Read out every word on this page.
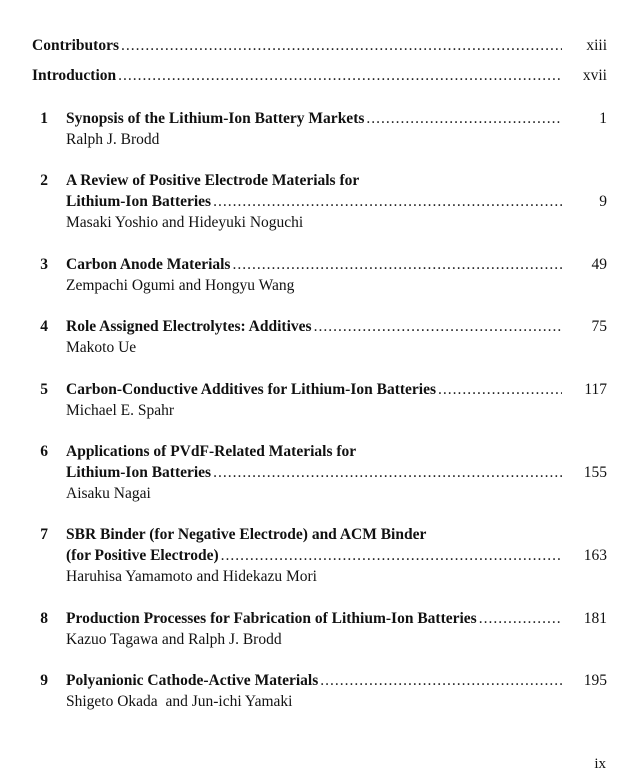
Contributors .....	xiii
Introduction .....	xvii
1 Synopsis of the Lithium-Ion Battery Markets .....	1
Ralph J. Brodd
2 A Review of Positive Electrode Materials for
Lithium-Ion Batteries .....	9
Masaki Yoshio and Hideyuki Noguchi
3 Carbon Anode Materials .....	49
Zempachi Ogumi and Hongyu Wang
4 Role Assigned Electrolytes: Additives .....	75
Makoto Ue
5 Carbon-Conductive Additives for Lithium-Ion Batteries .....	117
Michael E. Spahr
6 Applications of PVdF-Related Materials for
Lithium-Ion Batteries .....	155
Aisaku Nagai
7 SBR Binder (for Negative Electrode) and ACM Binder
(for Positive Electrode) .....	163
Haruhisa Yamamoto and Hidekazu Mori
8 Production Processes for Fabrication of Lithium-Ion Batteries .....	181
Kazuo Tagawa and Ralph J. Brodd
9 Polyanionic Cathode-Active Materials .....	195
Shigeto Okada  and Jun-ichi Yamaki
ix
